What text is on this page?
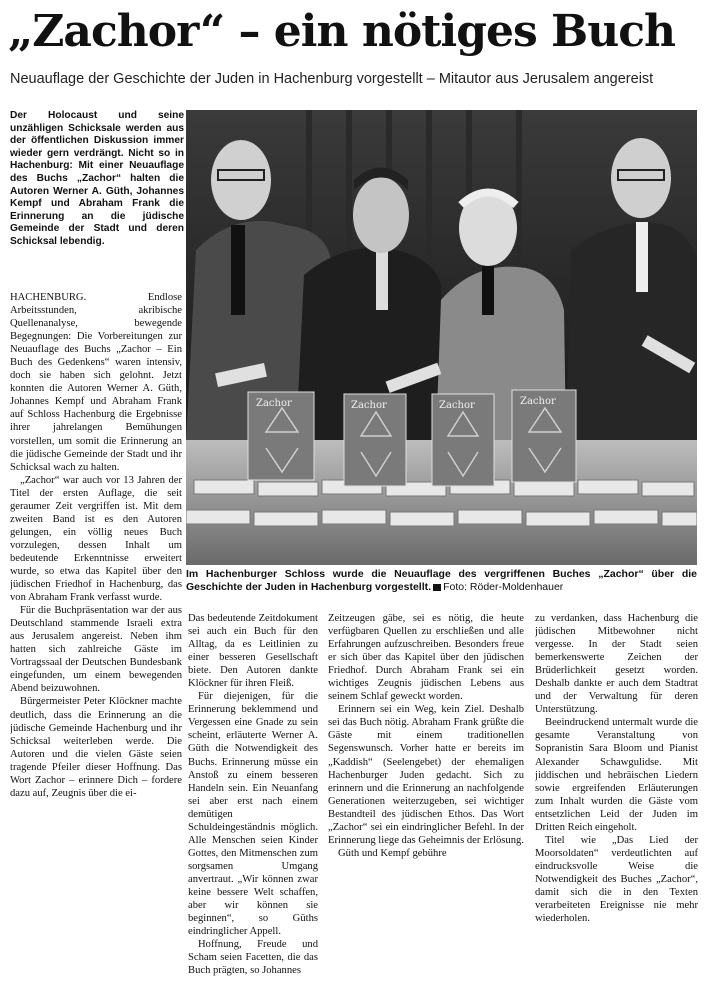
„Zachor“ – ein nötiges Buch

Neuauflage der Geschichte der Juden in Hachenburg vorgestellt – Mitautor aus Jerusalem angereist

Der Holocaust und seine unzähligen Schicksale werden aus der öffentlichen Diskussion immer wieder gern verdrängt. Nicht so in Hachenburg: Mit einer Neuauflage des Buchs „Zachor“ halten die Autoren Werner A. Güth, Johannes Kempf und Abraham Frank die Erinnerung an die jüdische Gemeinde der Stadt und deren Schicksal lebendig.

Zachor	Zachor	Zachor	Zachor

Im Hachenburger Schloss wurde die Neuauflage des vergriffenen Buches „Zachor“ über die Geschichte der Juden in Hachenburg vorgestellt. Foto: Röder-Moldenhauer

HACHENBURG. Endlose Arbeitsstunden, akribische Quellenanalyse, bewegende Begegnungen: Die Vorbereitungen zur Neuauflage des Buchs „Zachor – Ein Buch des Gedenkens“ waren intensiv, doch sie haben sich gelohnt. Jetzt konnten die Autoren Werner A. Güth, Johannes Kempf und Abraham Frank auf Schloss Hachenburg die Ergebnisse ihrer jahrelangen Bemühungen vorstellen, um somit die Erinnerung an die jüdische Gemeinde der Stadt und ihr Schicksal wach zu halten.

„Zachor“ war auch vor 13 Jahren der Titel der ersten Auflage, die seit geraumer Zeit vergriffen ist. Mit dem zweiten Band ist es den Autoren gelungen, ein völlig neues Buch vorzulegen, dessen Inhalt um bedeutende Erkenntnisse erweitert wurde, so etwa das Kapitel über den jüdischen Friedhof in Hachenburg, das von Abraham Frank verfasst wurde.

Für die Buchpräsentation war der aus Deutschland stammende Israeli extra aus Jerusalem angereist. Neben ihm hatten sich zahlreiche Gäste im Vortragssaal der Deutschen Bundesbank eingefunden, um einem bewegenden Abend beizuwohnen.

Bürgermeister Peter Klöckner machte deutlich, dass die Erinnerung an die jüdische Gemeinde Hachenburg und ihr Schicksal weiterleben werde. Die Autoren und die vielen Gäste seien tragende Pfeiler dieser Hoffnung. Das Wort Zachor – erinnere Dich – fordere dazu auf, Zeugnis über die ei-

Das bedeutende Zeitdokument sei auch ein Buch für den Alltag, da es Leitlinien zu einer besseren Gesellschaft biete. Den Autoren dankte Klöckner für ihren Fleiß.

Für diejenigen, für die Erinnerung beklemmend und Vergessen eine Gnade zu sein scheint, erläuterte Werner A. Güth die Notwendigkeit des Buchs. Erinnerung müsse ein Anstoß zu einem besseren Handeln sein. Ein Neuanfang sei aber erst nach einem demütigen Schuldeingeständnis möglich. Alle Menschen seien Kinder Gottes, den Mitmenschen zum sorgsamen Umgang anvertraut. „Wir können zwar keine bessere Welt schaffen, aber wir können sie beginnen“, so Güths eindringlicher Appell.

Hoffnung, Freude und Scham seien Facetten, die das Buch prägten, so Johannes

Zeitzeugen gäbe, sei es nötig, die heute verfügbaren Quellen zu erschließen und alle Erfahrungen aufzuschreiben. Besonders freue er sich über das Kapitel über den jüdischen Friedhof. Durch Abraham Frank sei ein wichtiges Zeugnis jüdischen Lebens aus seinem Schlaf geweckt worden.

Erinnern sei ein Weg, kein Ziel. Deshalb sei das Buch nötig. Abraham Frank grüßte die Gäste mit einem traditionellen Segenswunsch. Vorher hatte er bereits im „Kaddish“ (Seelengebet) der ehemaligen Hachenburger Juden gedacht. Sich zu erinnern und die Erinnerung an nachfolgende Generationen weiterzugeben, sei wichtiger Bestandteil des jüdischen Ethos. Das Wort „Zachor“ sei ein eindringlicher Befehl. In der Erinnerung liege das Geheimnis der Erlösung.

Güth und Kempf gebühre

zu verdanken, dass Hachenburg die jüdischen Mitbewohner nicht vergesse. In der Stadt seien bemerkenswerte Zeichen der Brüderlichkeit gesetzt worden. Deshalb dankte er auch dem Stadtrat und der Verwaltung für deren Unterstützung.

Beeindruckend untermalt wurde die gesamte Veranstaltung von Sopranistin Sara Bloom und Pianist Alexander Schawgulidse. Mit jiddischen und hebräischen Liedern sowie ergreifenden Erläuterungen zum Inhalt wurden die Gäste vom entsetzlichen Leid der Juden im Dritten Reich eingeholt.

Titel wie „Das Lied der Moorsoldaten“ verdeutlichten auf eindrucksvolle Weise die Notwendigkeit des Buches „Zachor“, damit sich die in den Texten verarbeiteten Ereignisse nie mehr wiederholen.
